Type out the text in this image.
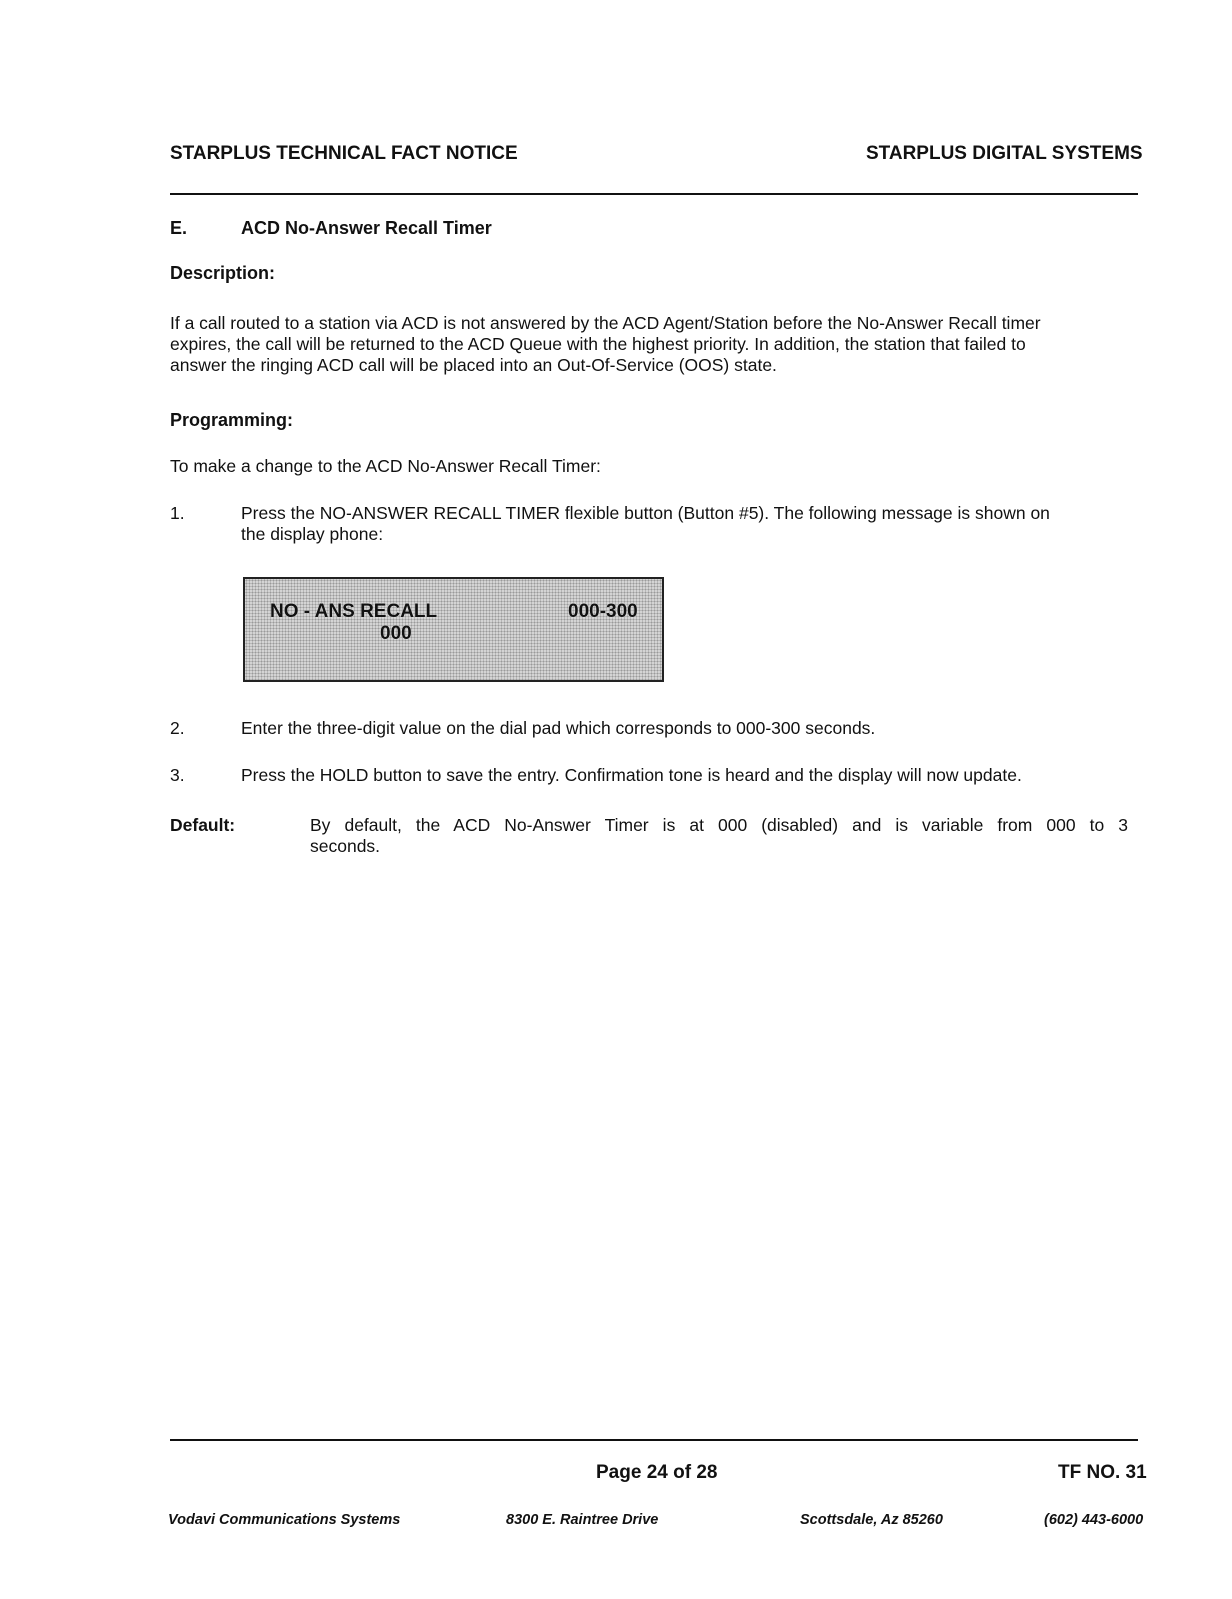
STARPLUS TECHNICAL FACT NOTICE	STARPLUS DIGITAL SYSTEMS
E.	ACD No-Answer Recall Timer
Description:
If a call routed to a station via ACD is not answered by the ACD Agent/Station before the No-Answer Recall timer
expires, the call will be returned to the ACD Queue with the highest priority. In addition, the station that failed to
answer the ringing ACD call will be placed into an Out-Of-Service (OOS) state.
Programming:
To make a change to the ACD No-Answer Recall Timer:
1.	Press the NO-ANSWER RECALL TIMER flexible button (Button #5). The following message is shown on
the display phone:
NO - ANS RECALL	000-300
000
2.	Enter the three-digit value on the dial pad which corresponds to 000-300 seconds.
3.	Press the HOLD button to save the entry. Confirmation tone is heard and the display will now update.
Default:	By default, the ACD No-Answer Timer is at 000 (disabled) and is variable from 000 to 3
seconds.
Page 24 of 28	TF NO. 31
Vodavi Communications Systems	8300 E. Raintree Drive	Scottsdale, Az 85260	(602) 443-6000
